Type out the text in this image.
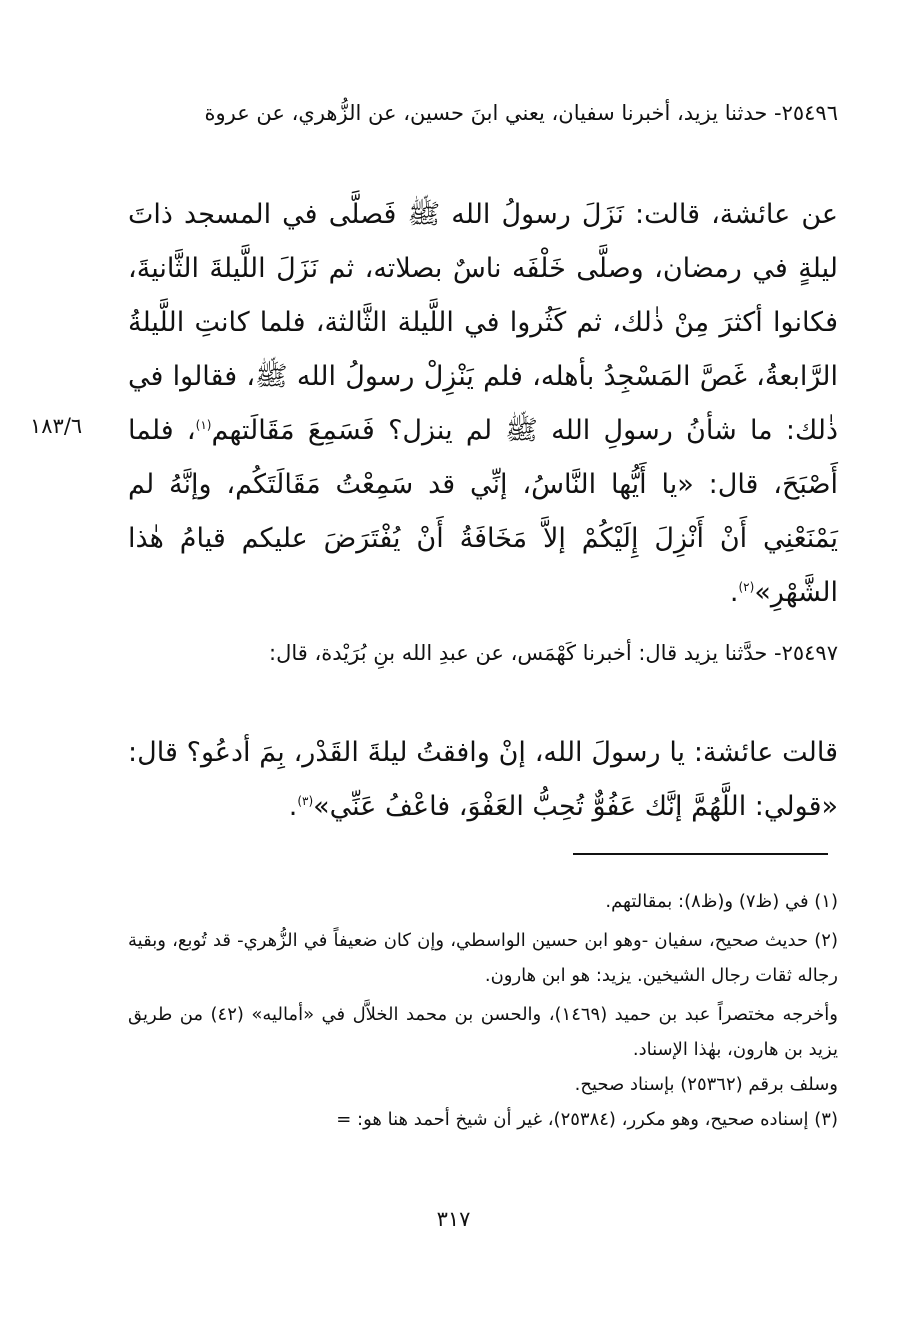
٢٥٤٩٦- حدثنا يزيد، أخبرنا سفيان، يعني ابنَ حسين، عن الزُّهري، عن عروة

عن عائشة، قالت: نَزَلَ رسولُ الله ﷺ فَصلَّى في المسجد ذاتَ ليلةٍ في رمضان، وصلَّى خَلْفَه ناسٌ بصلاته، ثم نَزَلَ اللَّيلةَ الثَّانيةَ، فكانوا أكثرَ مِنْ ذٰلك، ثم كَثُروا في اللَّيلة الثَّالثة، فلما كانتِ اللَّيلةُ الرَّابعةُ، غَصَّ المَسْجِدُ بأهله، فلم يَنْزِلْ رسولُ الله ﷺ، فقالوا في ذٰلك: ما شأنُ رسولِ الله ﷺ لم ينزل؟ فَسَمِعَ مَقَالَتهم$^{(١)}$، فلما أَصْبَحَ، قال: «يا أَيُّها النَّاسُ، إنِّي قد سَمِعْتُ مَقَالَتَكُم، وإنَّهُ لم يَمْنَعْنِي أَنْ أَنْزِلَ إِلَيْكُمْ إلاَّ مَخَافَةُ أَنْ يُفْتَرَضَ عليكم قيامُ هٰذا الشَّهْرِ»$^{(٢)}$.

١٨٣/٦

٢٥٤٩٧- حدَّثنا يزيد قال: أخبرنا كَهْمَس، عن عبدِ الله بنِ بُرَيْدة، قال:

قالت عائشة: يا رسولَ الله، إنْ وافقتُ ليلةَ القَدْر، بِمَ أدعُو؟ قال: «قولي: اللَّهُمَّ إنَّك عَفُوٌّ تُحِبُّ العَفْوَ، فاعْفُ عَنِّي»$^{(٣)}$.

(١) في (ظ٧) و(ظ٨): بمقالتهم.

(٢) حديث صحيح، سفيان -وهو ابن حسين الواسطي، وإن كان ضعيفاً في الزُّهري- قد تُوبع، وبقية رجاله ثقات رجال الشيخين. يزيد: هو ابن هارون.

وأخرجه مختصراً عبد بن حميد (١٤٦٩)، والحسن بن محمد الخلاَّل في «أماليه» (٤٢) من طريق يزيد بن هارون، بهٰذا الإسناد.

وسلف برقم (٢٥٣٦٢) بإسناد صحيح.

(٣) إسناده صحيح، وهو مكرر، (٢٥٣٨٤)، غير أن شيخ أحمد هنا هو: =

٣١٧
